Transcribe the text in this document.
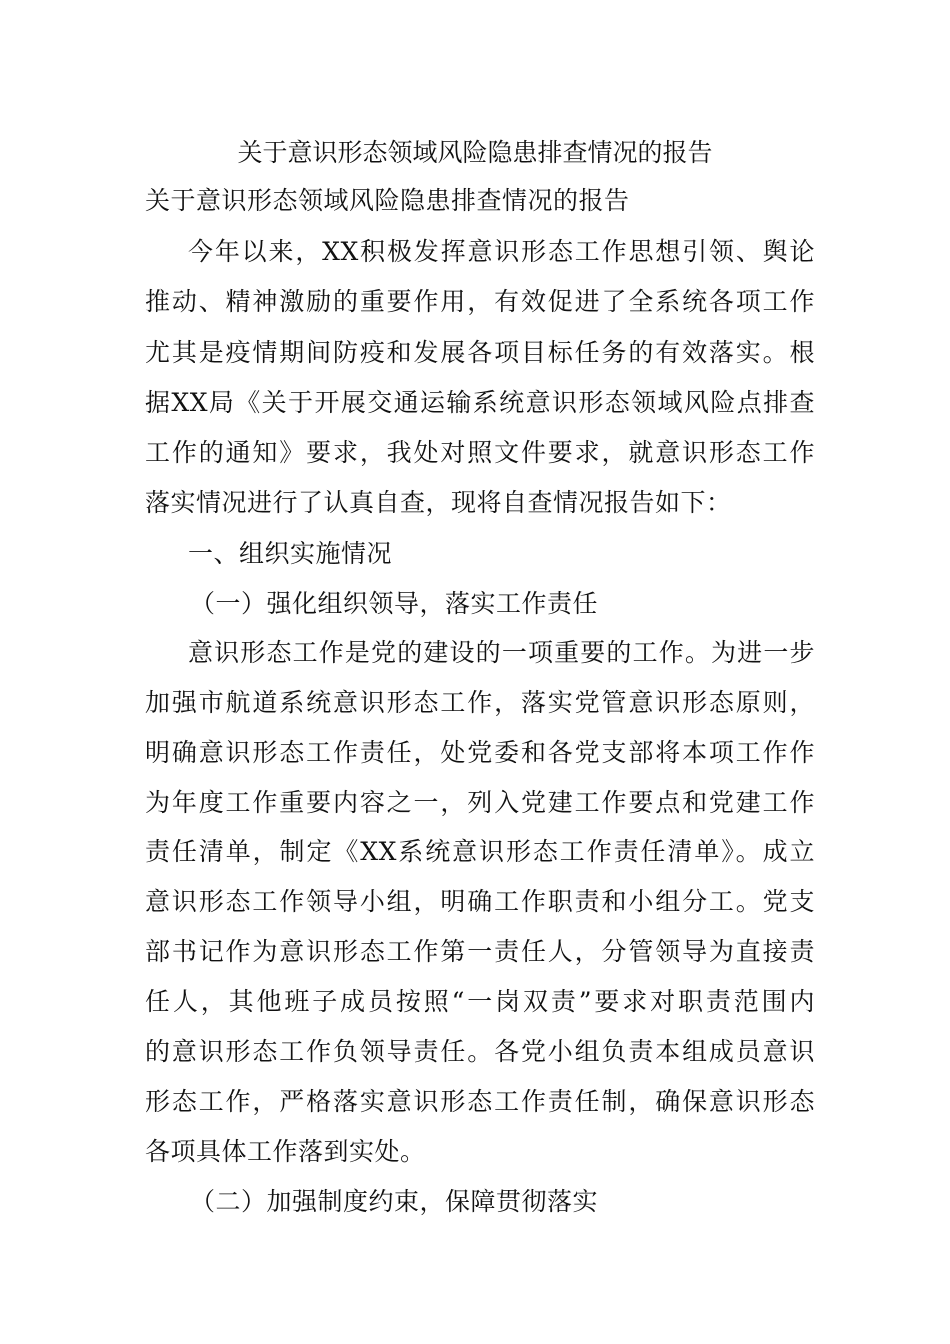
关于意识形态领域风险隐患排查情况的报告
关于意识形态领域风险隐患排查情况的报告
今年以来，XX积极发挥意识形态工作思想引领、舆论
推动、精神激励的重要作用，有效促进了全系统各项工作
尤其是疫情期间防疫和发展各项目标任务的有效落实。根
据XX局《关于开展交通运输系统意识形态领域风险点排查
工作的通知》要求，我处对照文件要求，就意识形态工作
落实情况进行了认真自查，现将自查情况报告如下：
一、组织实施情况
（一）强化组织领导，落实工作责任
意识形态工作是党的建设的一项重要的工作。为进一步
加强市航道系统意识形态工作，落实党管意识形态原则，
明确意识形态工作责任，处党委和各党支部将本项工作作
为年度工作重要内容之一，列入党建工作要点和党建工作
责任清单，制定《XX系统意识形态工作责任清单》。成立
意识形态工作领导小组，明确工作职责和小组分工。党支
部书记作为意识形态工作第一责任人，分管领导为直接责
任人，其他班子成员按照“一岗双责”要求对职责范围内
的意识形态工作负领导责任。各党小组负责本组成员意识
形态工作，严格落实意识形态工作责任制，确保意识形态
各项具体工作落到实处。
（二）加强制度约束，保障贯彻落实
